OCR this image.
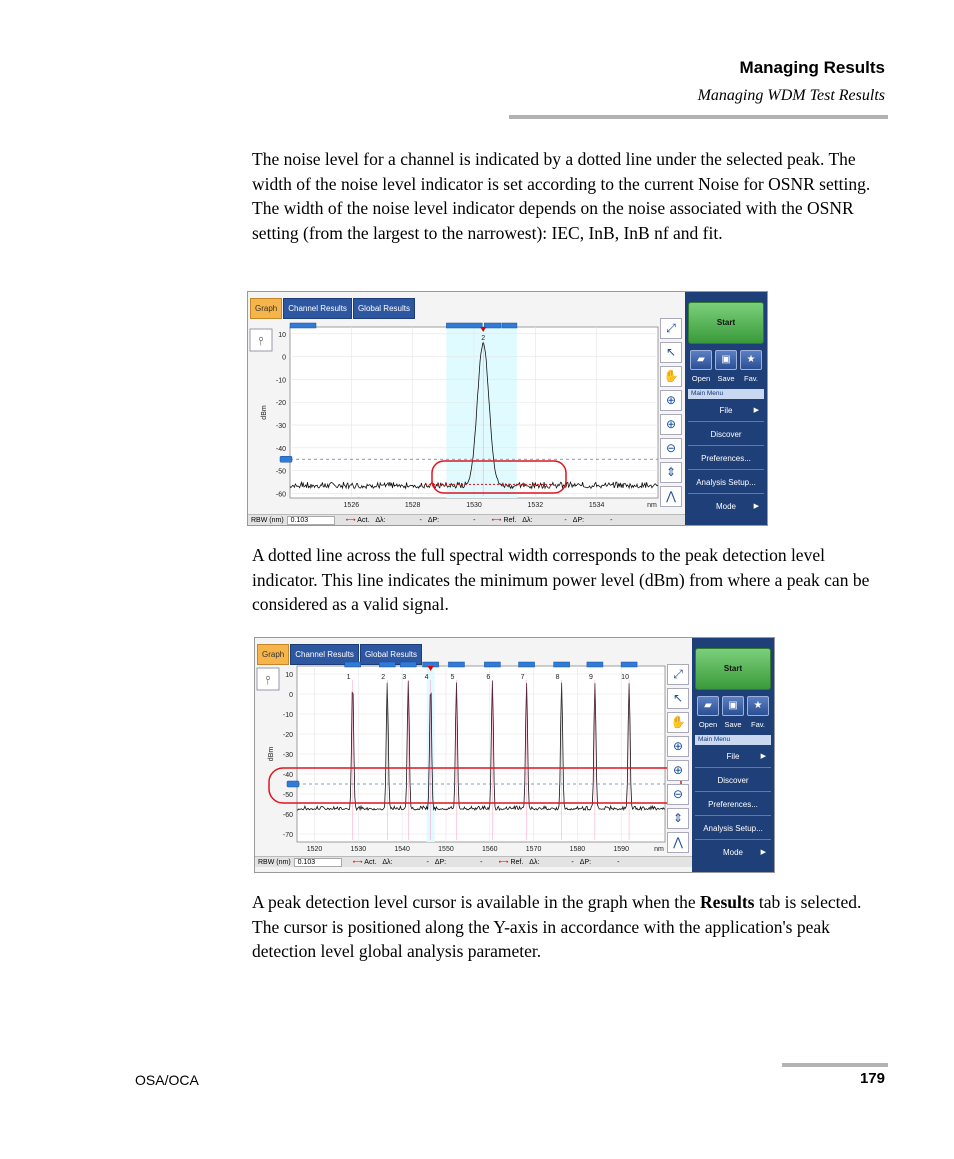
Managing Results
Managing WDM Test Results

The noise level for a channel is indicated by a dotted line under the selected peak. The width of the noise level indicator is set according to the current Noise for OSNR setting. The width of the noise level indicator depends on the noise associated with the OSNR setting (from the largest to the narrowest): IEC, InB, InB nf and fit.

Graph	Channel Results	Global Results
⫯ 10
0
-10
-20
-30
-40
-50
-60
1526	1528	1530	1532	1534	nm
dBm
2
⤢
↖
✋
⊕
⊕
⊖
⇕
⋀
Start
▰	▣	★
Open Save	Fav.
Main Menu
File	▶
Discover
Preferences...
Analysis Setup...
Mode	▶
RBW (nm)	0.103	⟷ Act. Δλ:	- ΔP:	-	⟷ Ref. Δλ:	- ΔP:	-

A dotted line across the full spectral width corresponds to the peak detection level indicator. This line indicates the minimum power level (dBm) from where a peak can be considered as a valid signal.

Graph	Channel Results	Global Results
⫯ 10
0
-10
-20
-30
-40
-50
-60
-70
1520	1530	1540	1550	1560	1570	1580	1590	nm
dBm
1	2 3	4	5	6	7	8	9	10	⤢
↖
✋
⊕
⊕
⊖
⇕
⋀
Start
▰	▣	★
Open Save	Fav.
Main Menu
File	▶
Discover
Preferences...
Analysis Setup...
Mode	▶
RBW (nm)	0.103	⟷ Act. Δλ:	- ΔP:	-	⟷ Ref. Δλ:	- ΔP:	-

A peak detection level cursor is available in the graph when the Results tab is selected. The cursor is positioned along the Y-axis in accordance with the application's peak detection level global analysis parameter.

OSA/OCA	179
